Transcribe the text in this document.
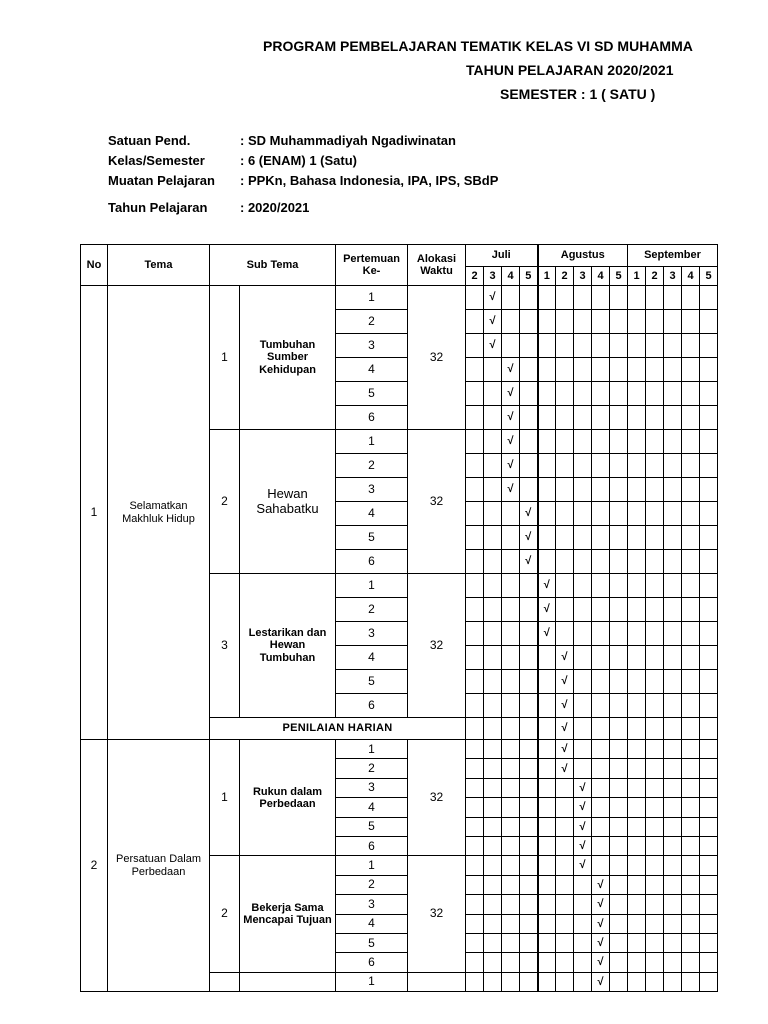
PROGRAM PEMBELAJARAN TEMATIK KELAS VI SD MUHAMMA
TAHUN PELAJARAN 2020/2021
SEMESTER : 1 ( SATU )
Satuan Pend.	: SD Muhammadiyah Ngadiwinatan
Kelas/Semester	: 6 (ENAM) 1 (Satu)
Muatan Pelajaran	: PPKn, Bahasa Indonesia, IPA, IPS, SBdP
Tahun Pelajaran	: 2020/2021
No	Tema	Sub Tema		Pertemuan Ke-	Alokasi Waktu	Juli				Agustus					September				
						2	3	4	5	1	2	3	4	5	1	2	3	4	5
1	Selamatkan Makhluk Hidup	1	Tumbuhan Sumber Kehidupan	1	32		√												
				2			√												
				3			√												
				4				√											
				5				√											
				6				√											
		2	Hewan Sahabatku	1	32			√											
				2				√											
				3				√											
				4					√										
				5					√										
				6					√										
		3	Lestarikan dan Hewan Tumbuhan	1	32					√									
				2						√									
				3						√									
				4							√								
				5							√								
				6							√								
		PENILAIAN HARIAN									√								
2	Persatuan Dalam Perbedaan	1	Rukun dalam Perbedaan	1	32						√								
				2							√								
				3								√							
				4								√							
				5								√							
				6								√							
		2	Bekerja Sama Mencapai Tujuan	1	32							√							
				2									√						
				3									√						
				4									√						
				5									√						
				6									√						
				1									√						
